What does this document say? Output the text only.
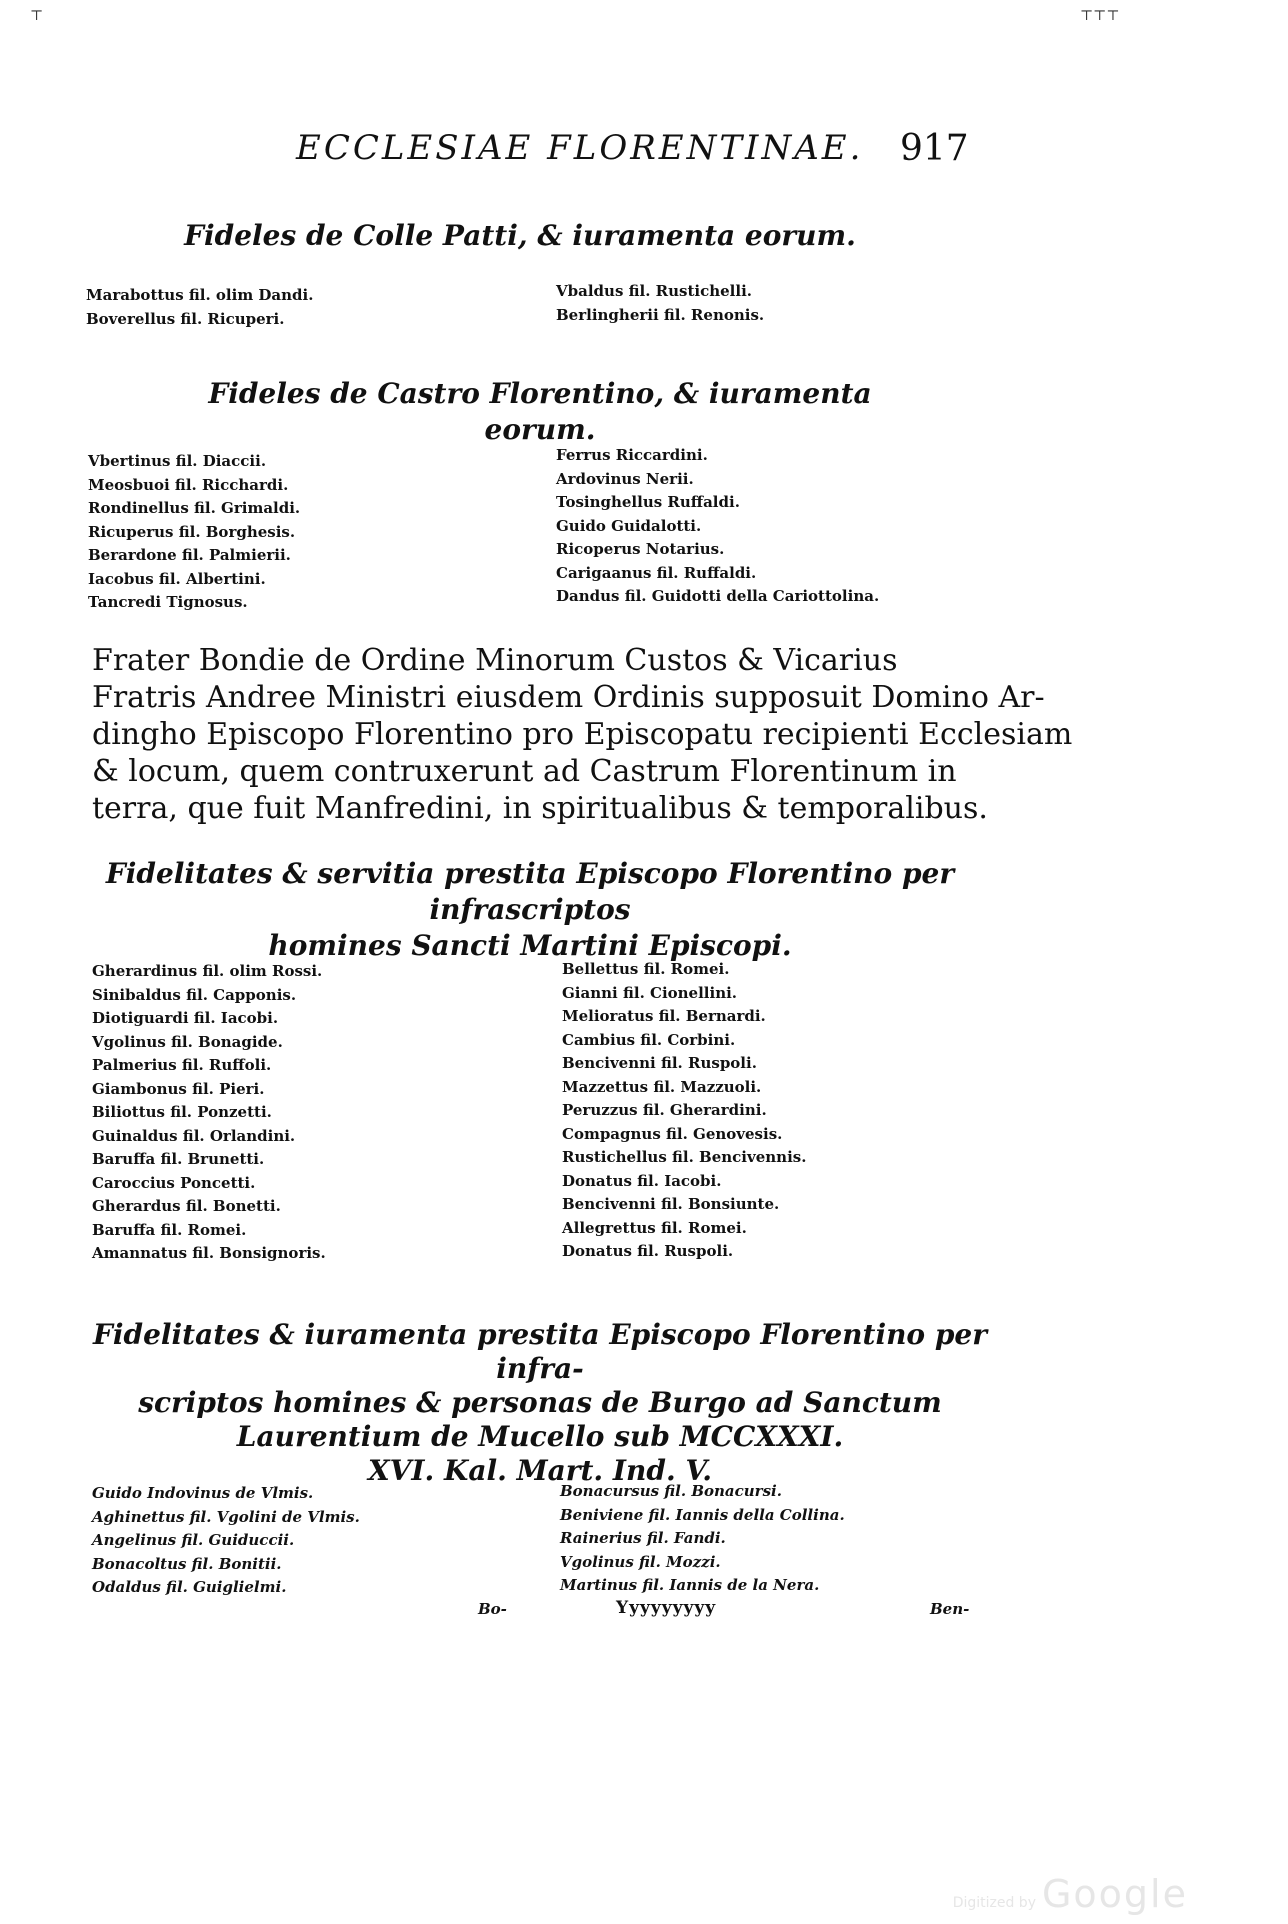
⊤	⊤⊤⊤
ECCLESIAE FLORENTINAE. 917
Fideles de Colle Patti, & iuramenta eorum.
Marabottus fil. olim Dandi.
Boverellus fil. Ricuperi.
Vbaldus fil. Rustichelli.
Berlingherii fil. Renonis.
Fideles de Castro Florentino, & iuramenta eorum.
Vbertinus fil. Diaccii.
Meosbuoi fil. Ricchardi.
Rondinellus fil. Grimaldi.
Ricuperus fil. Borghesis.
Berardone fil. Palmierii.
Iacobus fil. Albertini.
Tancredi Tignosus.
Ferrus Riccardini.
Ardovinus Nerii.
Tosinghellus Ruffaldi.
Guido Guidalotti.
Ricoperus Notarius.
Carigaanus fil. Ruffaldi.
Dandus fil. Guidotti della Cariottolina.
Frater Bondie de Ordine Minorum Custos & Vicarius
Fratris Andree Ministri eiusdem Ordinis supposuit Domino Ar-
dingho Episcopo Florentino pro Episcopatu recipienti Ecclesiam
& locum, quem contruxerunt ad Castrum Florentinum in
terra, que fuit Manfredini, in spiritualibus & temporalibus.
Fidelitates & servitia prestita Episcopo Florentino per infrascriptos
homines Sancti Martini Episcopi.
Gherardinus fil. olim Rossi.
Sinibaldus fil. Capponis.
Diotiguardi fil. Iacobi.
Vgolinus fil. Bonagide.
Palmerius fil. Ruffoli.
Giambonus fil. Pieri.
Biliottus fil. Ponzetti.
Guinaldus fil. Orlandini.
Baruffa fil. Brunetti.
Caroccius Poncetti.
Gherardus fil. Bonetti.
Baruffa fil. Romei.
Amannatus fil. Bonsignoris.
Bellettus fil. Romei.
Gianni fil. Cionellini.
Melioratus fil. Bernardi.
Cambius fil. Corbini.
Bencivenni fil. Ruspoli.
Mazzettus fil. Mazzuoli.
Peruzzus fil. Gherardini.
Compagnus fil. Genovesis.
Rustichellus fil. Bencivennis.
Donatus fil. Iacobi.
Bencivenni fil. Bonsiunte.
Allegrettus fil. Romei.
Donatus fil. Ruspoli.
Fidelitates & iuramenta prestita Episcopo Florentino per infra-
scriptos homines & personas de Burgo ad Sanctum
Laurentium de Mucello sub MCCXXXI.
XVI. Kal. Mart. Ind. V.
Guido Indovinus de Vlmis.
Aghinettus fil. Vgolini de Vlmis.
Angelinus fil. Guiduccii.
Bonacoltus fil. Bonitii.
Odaldus fil. Guiglielmi.
Bonacursus fil. Bonacursi.
Beniviene fil. Iannis della Collina.
Rainerius fil. Fandi.
Vgolinus fil. Mozzi.
Martinus fil. Iannis de la Nera.
Bo-	Yyyyyyyyy	Ben-
Digitized by Google
